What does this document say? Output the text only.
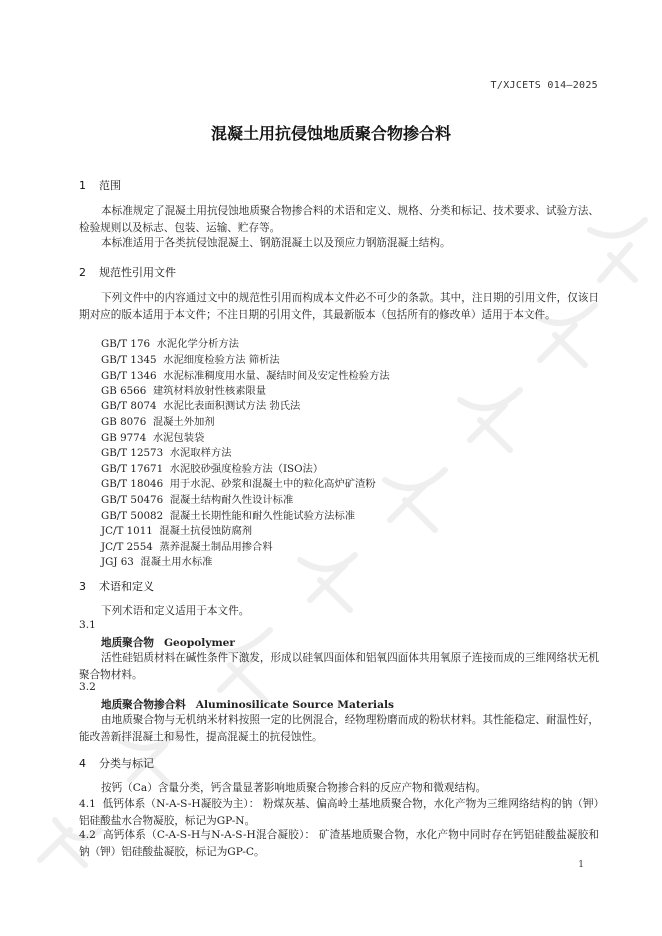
T/XJCETS 014—2025
混凝土用抗侵蚀地质聚合物掺合料
1 范围
本标准规定了混凝土用抗侵蚀地质聚合物掺合料的术语和定义、规格、分类和标记、技术要求、试验方法、检验规则以及标志、包装、运输、贮存等。
本标准适用于各类抗侵蚀混凝土、钢筋混凝土以及预应力钢筋混凝土结构。
2 规范性引用文件
下列文件中的内容通过文中的规范性引用而构成本文件必不可少的条款。其中，注日期的引用文件，仅该日期对应的版本适用于本文件；不注日期的引用文件，其最新版本（包括所有的修改单）适用于本文件。
GB/T 176 水泥化学分析方法
GB/T 1345 水泥细度检验方法 筛析法
GB/T 1346 水泥标准稠度用水量、凝结时间及安定性检验方法
GB 6566 建筑材料放射性核素限量
GB/T 8074 水泥比表面积测试方法 勃氏法
GB 8076 混凝土外加剂
GB 9774 水泥包装袋
GB/T 12573 水泥取样方法
GB/T 17671 水泥胶砂强度检验方法（ISO法）
GB/T 18046 用于水泥、砂浆和混凝土中的粒化高炉矿渣粉
GB/T 50476 混凝土结构耐久性设计标准
GB/T 50082 混凝土长期性能和耐久性能试验方法标准
JC/T 1011 混凝土抗侵蚀防腐剂
JC/T 2554 蒸养混凝土制品用掺合料
JGJ 63 混凝土用水标准
3 术语和定义
下列术语和定义适用于本文件。
3.1
地质聚合物 Geopolymer
活性硅铝质材料在碱性条件下激发，形成以硅氧四面体和铝氧四面体共用氧原子连接而成的三维网络状无机聚合物材料。
3.2
地质聚合物掺合料 Aluminosilicate Source Materials
由地质聚合物与无机纳米材料按照一定的比例混合，经物理粉磨而成的粉状材料。其性能稳定、耐温性好，能改善新拌混凝土和易性，提高混凝土的抗侵蚀性。
4 分类与标记
按钙（Ca）含量分类，钙含量显著影响地质聚合物掺合料的反应产物和微观结构。
4.1 低钙体系（N-A-S-H凝胶为主）： 粉煤灰基、偏高岭土基地质聚合物，水化产物为三维网络结构的钠（钾）铝硅酸盐水合物凝胶，标记为GP-N。
4.2 高钙体系（C-A-S-H与N-A-S-H混合凝胶）： 矿渣基地质聚合物，水化产物中同时存在钙铝硅酸盐凝胶和钠（钾）铝硅酸盐凝胶，标记为GP-C。
1
